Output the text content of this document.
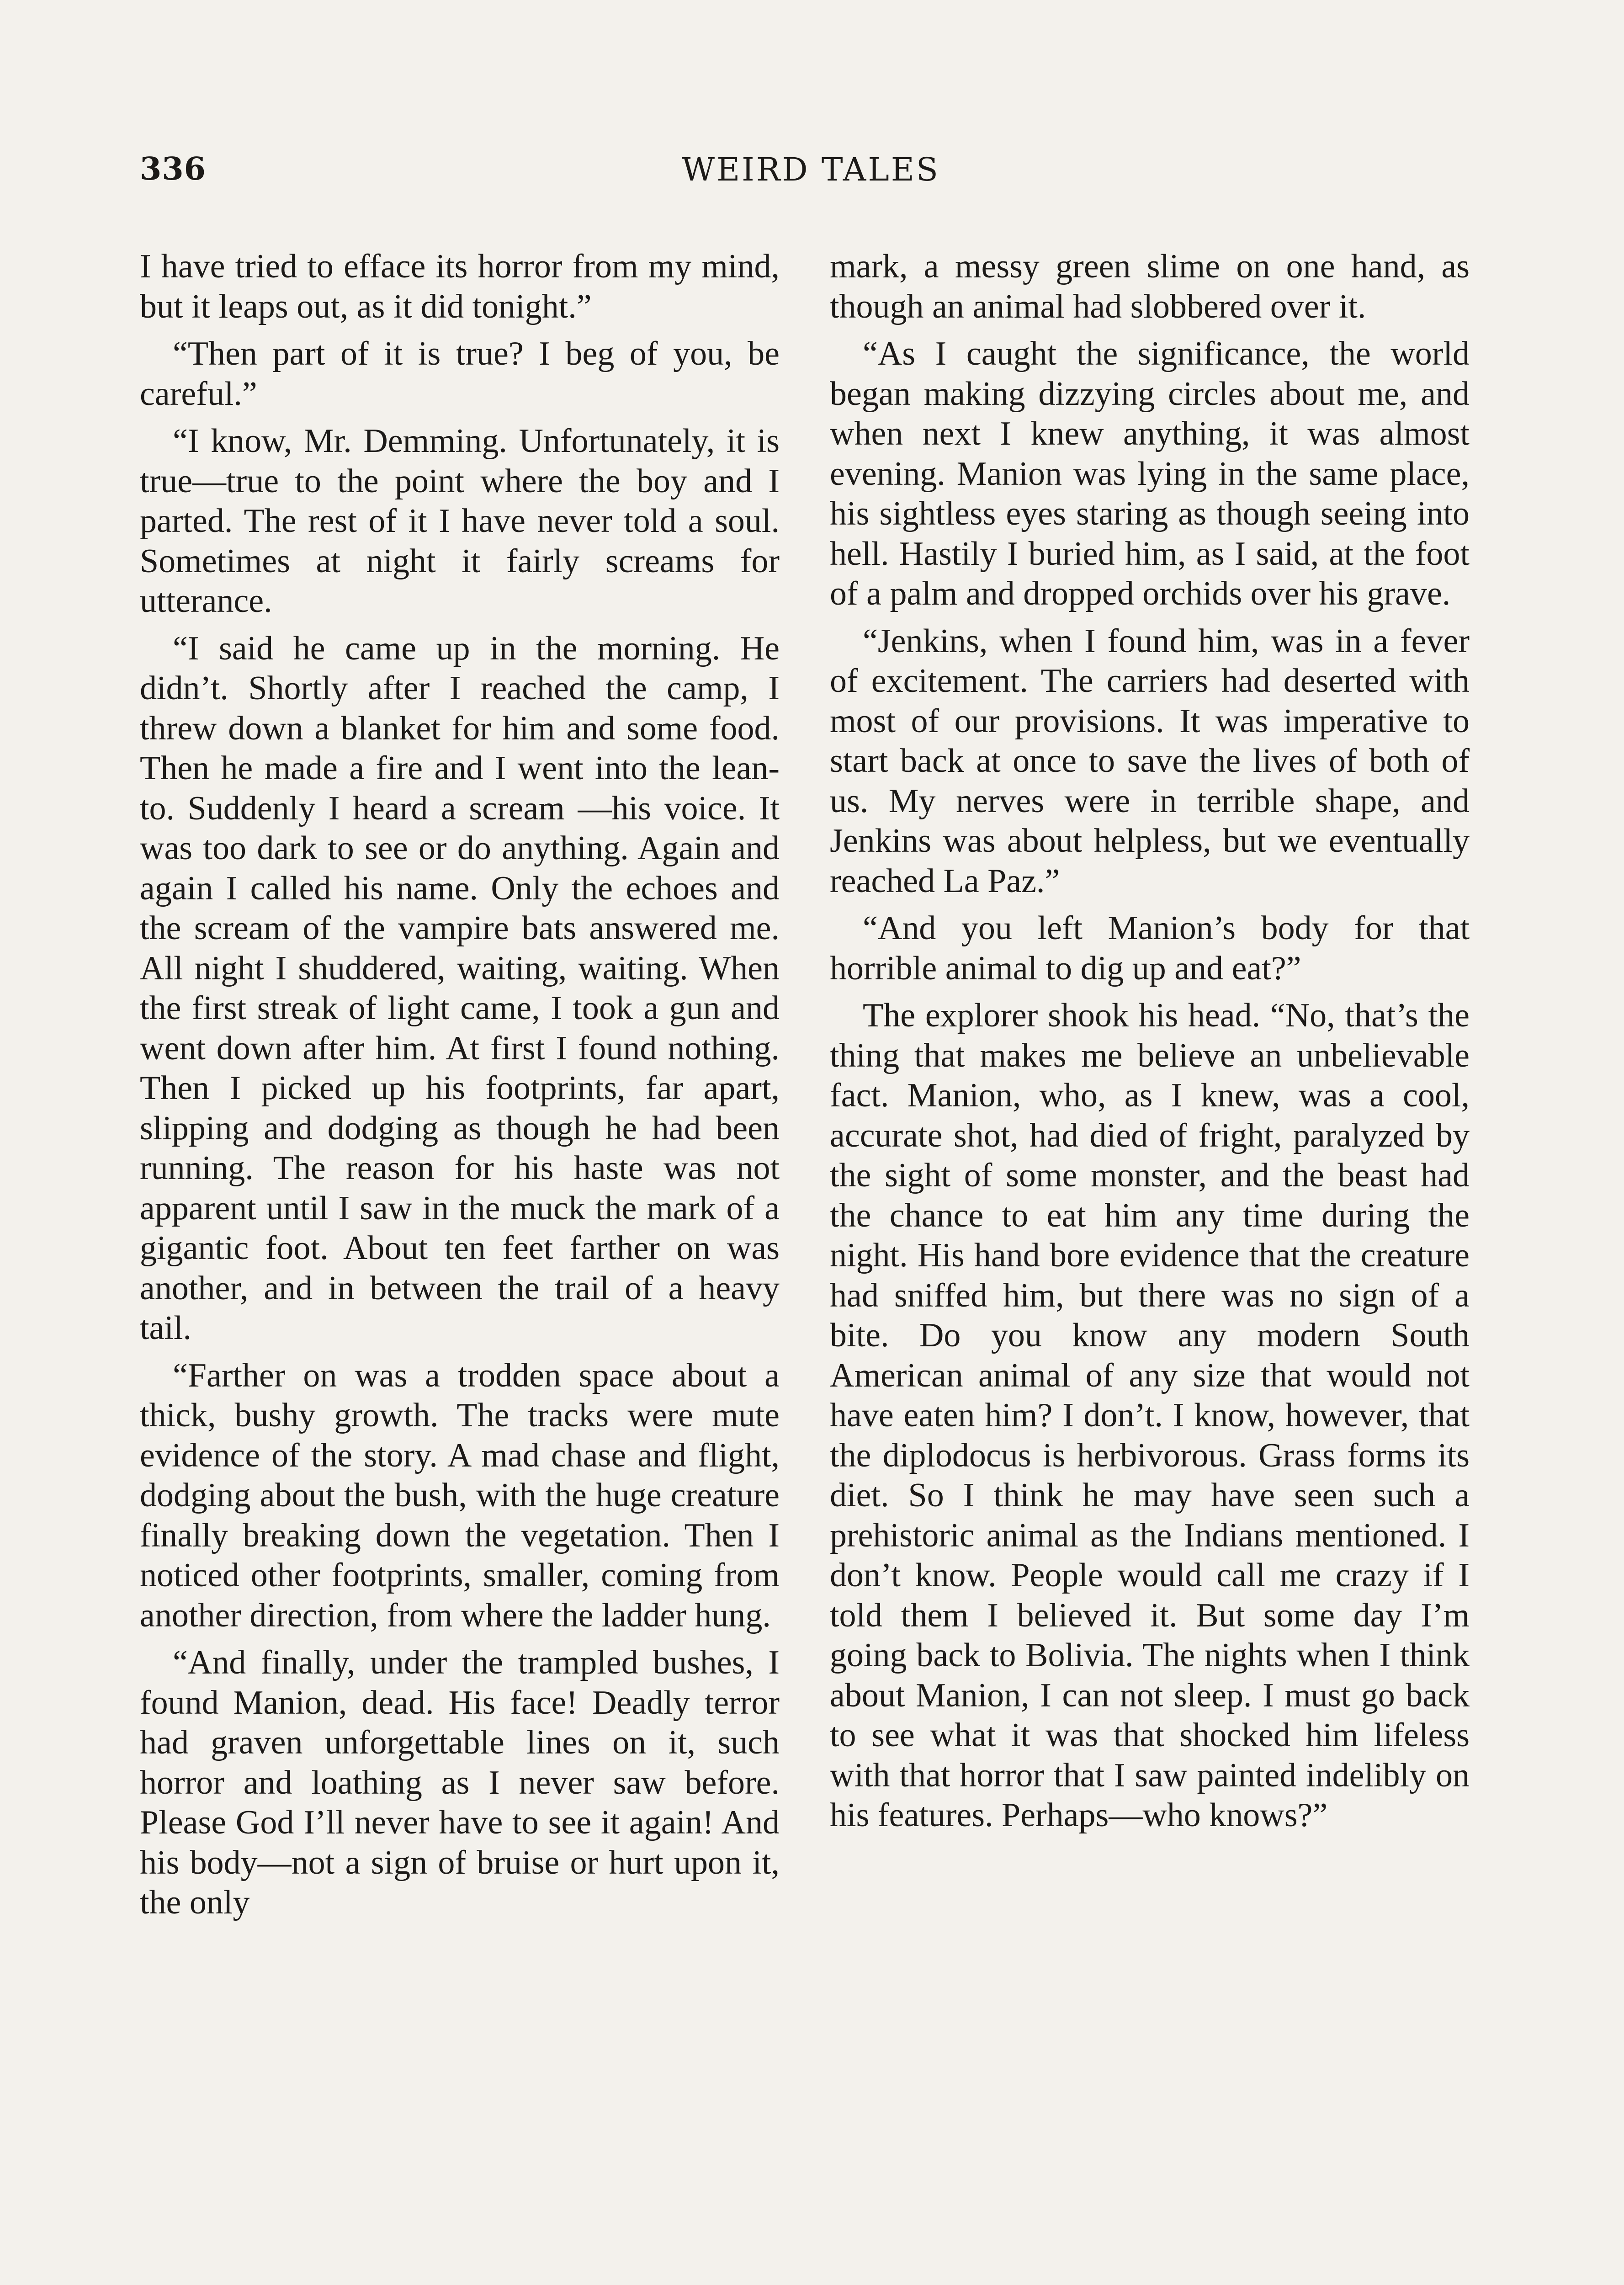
336	WEIRD TALES

I have tried to efface its horror from my mind, but it leaps out, as it did tonight.”

“Then part of it is true? I beg of you, be careful.”

“I know, Mr. Demming. Unfortunately, it is true—true to the point where the boy and I parted. The rest of it I have never told a soul. Sometimes at night it fairly screams for utterance.

“I said he came up in the morning. He didn’t. Shortly after I reached the camp, I threw down a blanket for him and some food. Then he made a fire and I went into the lean-to. Suddenly I heard a scream —his voice. It was too dark to see or do anything. Again and again I called his name. Only the echoes and the scream of the vampire bats answered me. All night I shuddered, waiting, waiting. When the first streak of light came, I took a gun and went down after him. At first I found nothing. Then I picked up his footprints, far apart, slipping and dodging as though he had been running. The reason for his haste was not apparent until I saw in the muck the mark of a gigantic foot. About ten feet farther on was another, and in between the trail of a heavy tail.

“Farther on was a trodden space about a thick, bushy growth. The tracks were mute evidence of the story. A mad chase and flight, dodging about the bush, with the huge creature finally breaking down the vegetation. Then I noticed other footprints, smaller, coming from another direction, from where the ladder hung.

“And finally, under the trampled bushes, I found Manion, dead. His face! Deadly terror had graven unforgettable lines on it, such horror and loathing as I never saw before. Please God I’ll never have to see it again! And his body—not a sign of bruise or hurt upon it, the only

mark, a messy green slime on one hand, as though an animal had slobbered over it.

“As I caught the significance, the world began making dizzying circles about me, and when next I knew anything, it was almost evening. Manion was lying in the same place, his sightless eyes staring as though seeing into hell. Hastily I buried him, as I said, at the foot of a palm and dropped orchids over his grave.

“Jenkins, when I found him, was in a fever of excitement. The carriers had deserted with most of our provisions. It was imperative to start back at once to save the lives of both of us. My nerves were in terrible shape, and Jenkins was about helpless, but we eventually reached La Paz.”

“And you left Manion’s body for that horrible animal to dig up and eat?”

The explorer shook his head. “No, that’s the thing that makes me believe an unbelievable fact. Manion, who, as I knew, was a cool, accurate shot, had died of fright, paralyzed by the sight of some monster, and the beast had the chance to eat him any time during the night. His hand bore evidence that the creature had sniffed him, but there was no sign of a bite. Do you know any modern South American animal of any size that would not have eaten him? I don’t. I know, however, that the diplodocus is herbivorous. Grass forms its diet. So I think he may have seen such a prehistoric animal as the Indians mentioned. I don’t know. People would call me crazy if I told them I believed it. But some day I’m going back to Bolivia. The nights when I think about Manion, I can not sleep. I must go back to see what it was that shocked him lifeless with that horror that I saw painted indelibly on his features. Perhaps—who knows?”
